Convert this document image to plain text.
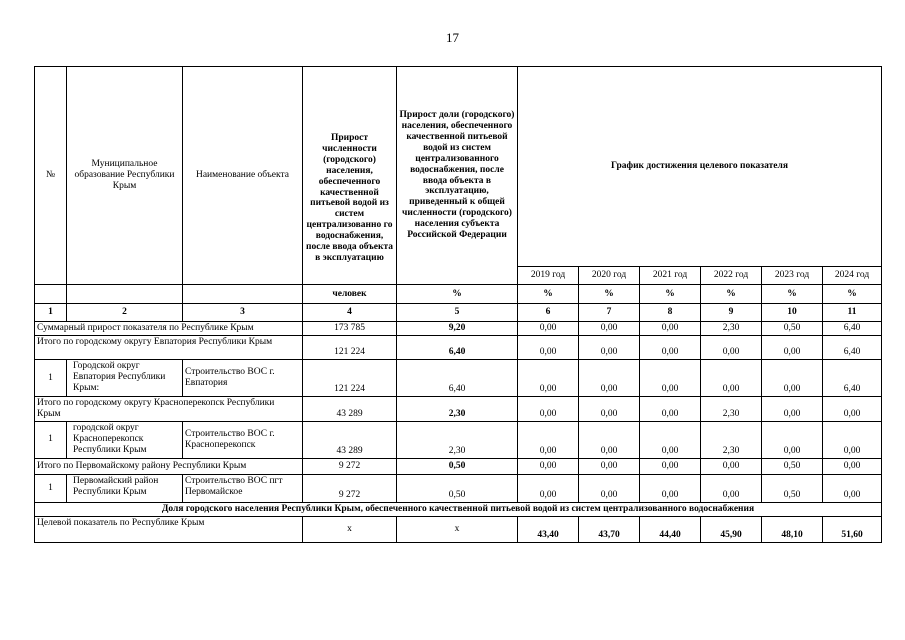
17
№	Муниципальное образование Республики Крым	Наименование объекта	Прирост численности (городского) населения, обеспеченного качественной питьевой водой из систем централизованно го водоснабжения, после ввода объекта в эксплуатацию	Прирост доли (городского) населения, обеспеченного качественной питьевой водой из систем централизованного водоснабжения, после ввода объекта в эксплуатацию, приведенный к общей численности (городского) населения субъекта Российской Федерации	График достижения целевого показателя					
					2019 год	2020 год	2021 год	2022 год	2023 год	2024 год
			человек	%	%	%	%	%	%	%
1	2	3	4	5	6	7	8	9	10	11
Суммарный прирост показателя по Республике Крым			173 785	9,20	0,00	0,00	0,00	2,30	0,50	6,40
Итого по городскому округу Евпатория Республики Крым			121 224	6,40	0,00	0,00	0,00	0,00	0,00	6,40
1	Городской округ Евпатория Республики Крым:	Строительство ВОС г. Евпатория	121 224	6,40	0,00	0,00	0,00	0,00	0,00	6,40
Итого по городскому округу Красноперекопск Республики Крым			43 289	2,30	0,00	0,00	0,00	2,30	0,00	0,00
1	городской округ Красноперекопск Республики Крым	Строительство ВОС г. Красноперекопск	43 289	2,30	0,00	0,00	0,00	2,30	0,00	0,00
Итого по Первомайскому району Республики Крым			9 272	0,50	0,00	0,00	0,00	0,00	0,50	0,00
1	Первомайский район Республики Крым	Строительство ВОС пгт Первомайское	9 272	0,50	0,00	0,00	0,00	0,00	0,50	0,00
Доля городского населения Республики Крым, обеспеченного качественной питьевой водой из систем централизованного водоснабжения										
Целевой показатель по Республике Крым			х	х	43,40	43,70	44,40	45,90	48,10	51,60
